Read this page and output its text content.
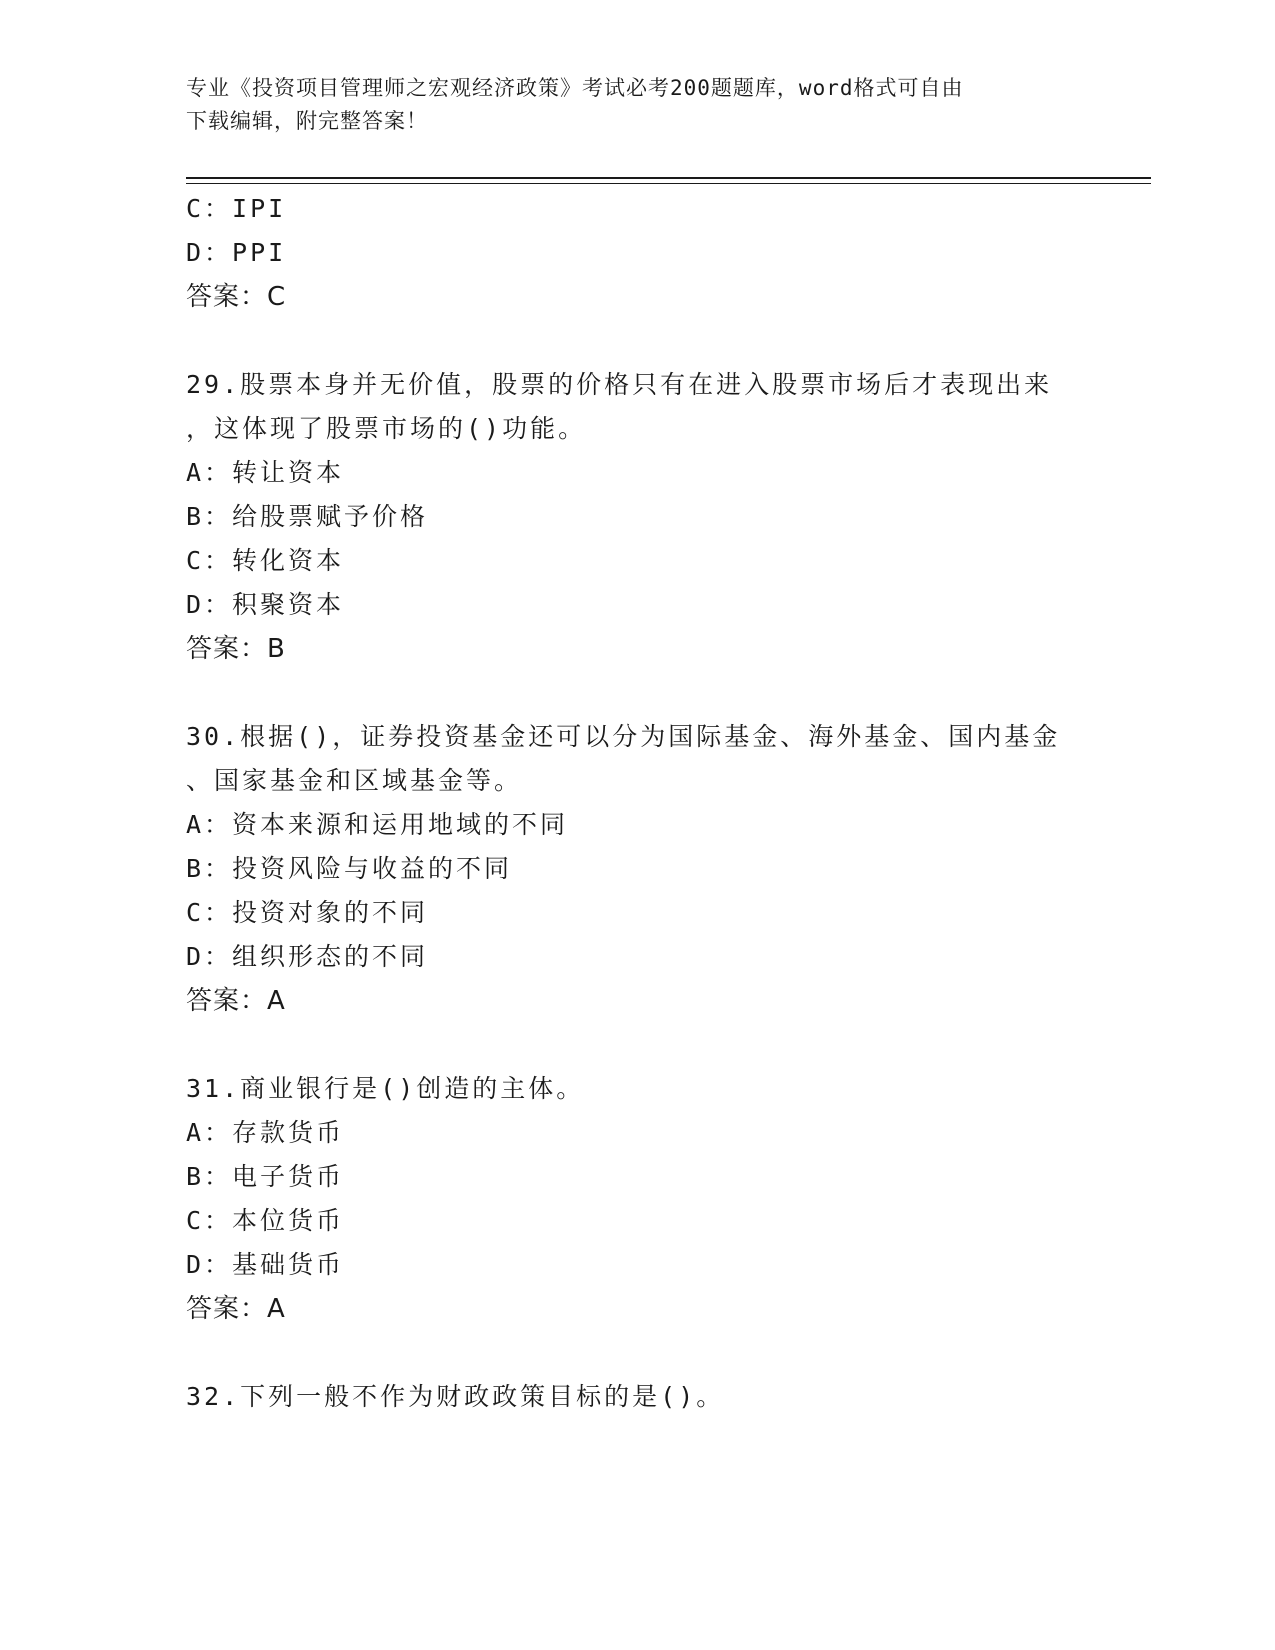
专业《投资项目管理师之宏观经济政策》考试必考200题题库，word格式可自由
下载编辑，附完整答案！
C：IPI
D：PPI
答案：C
29.股票本身并无价值，股票的价格只有在进入股票市场后才表现出来
，这体现了股票市场的()功能。
A：转让资本
B：给股票赋予价格
C：转化资本
D：积聚资本
答案：B
30.根据()，证券投资基金还可以分为国际基金、海外基金、国内基金
、国家基金和区域基金等。
A：资本来源和运用地域的不同
B：投资风险与收益的不同
C：投资对象的不同
D：组织形态的不同
答案：A
31.商业银行是()创造的主体。
A：存款货币
B：电子货币
C：本位货币
D：基础货币
答案：A
32.下列一般不作为财政政策目标的是()。
